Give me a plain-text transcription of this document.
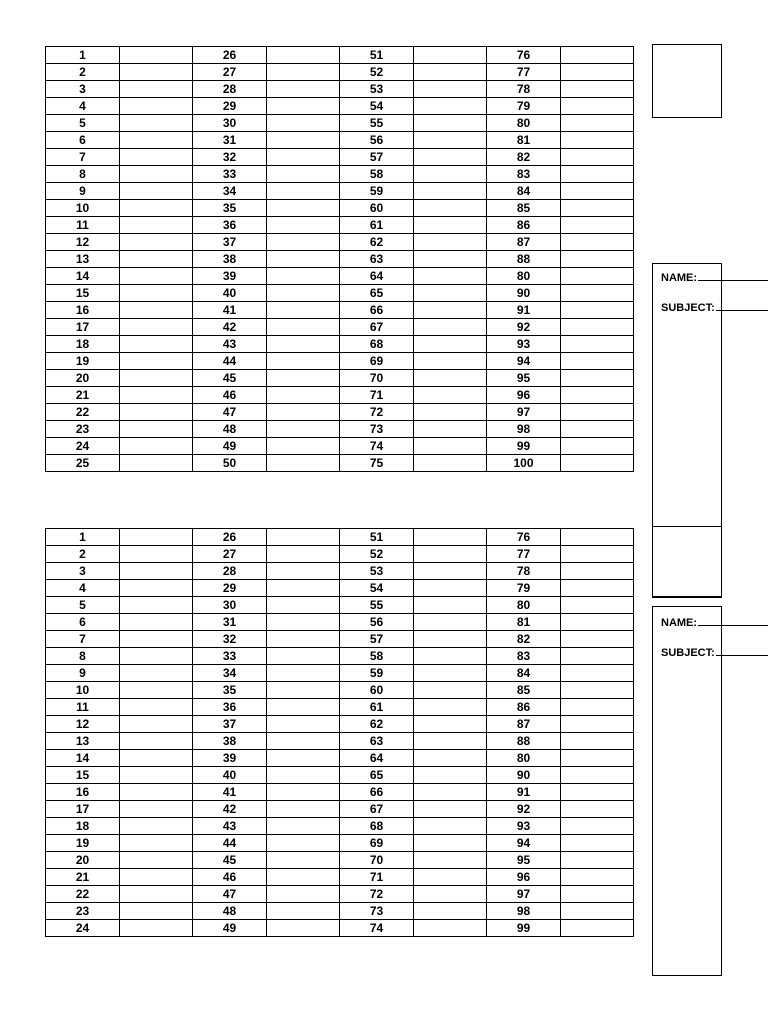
1		26		51		76	
2		27		52		77	
3		28		53		78	
4		29		54		79	
5		30		55		80	
6		31		56		81	
7		32		57		82	
8		33		58		83	
9		34		59		84	
10		35		60		85	
11		36		61		86	
12		37		62		87	
13		38		63		88	
14		39		64		80	
15		40		65		90	
16		41		66		91	
17		42		67		92	
18		43		68		93	
19		44		69		94	
20		45		70		95	
21		46		71		96	
22		47		72		97	
23		48		73		98	
24		49		74		99	
25		50		75		100	
1		26		51		76	
2		27		52		77	
3		28		53		78	
4		29		54		79	
5		30		55		80	
6		31		56		81	
7		32		57		82	
8		33		58		83	
9		34		59		84	
10		35		60		85	
11		36		61		86	
12		37		62		87	
13		38		63		88	
14		39		64		80	
15		40		65		90	
16		41		66		91	
17		42		67		92	
18		43		68		93	
19		44		69		94	
20		45		70		95	
21		46		71		96	
22		47		72		97	
23		48		73		98	
24		49		74		99	
NAME:
SUBJECT:
NAME:
SUBJECT:
